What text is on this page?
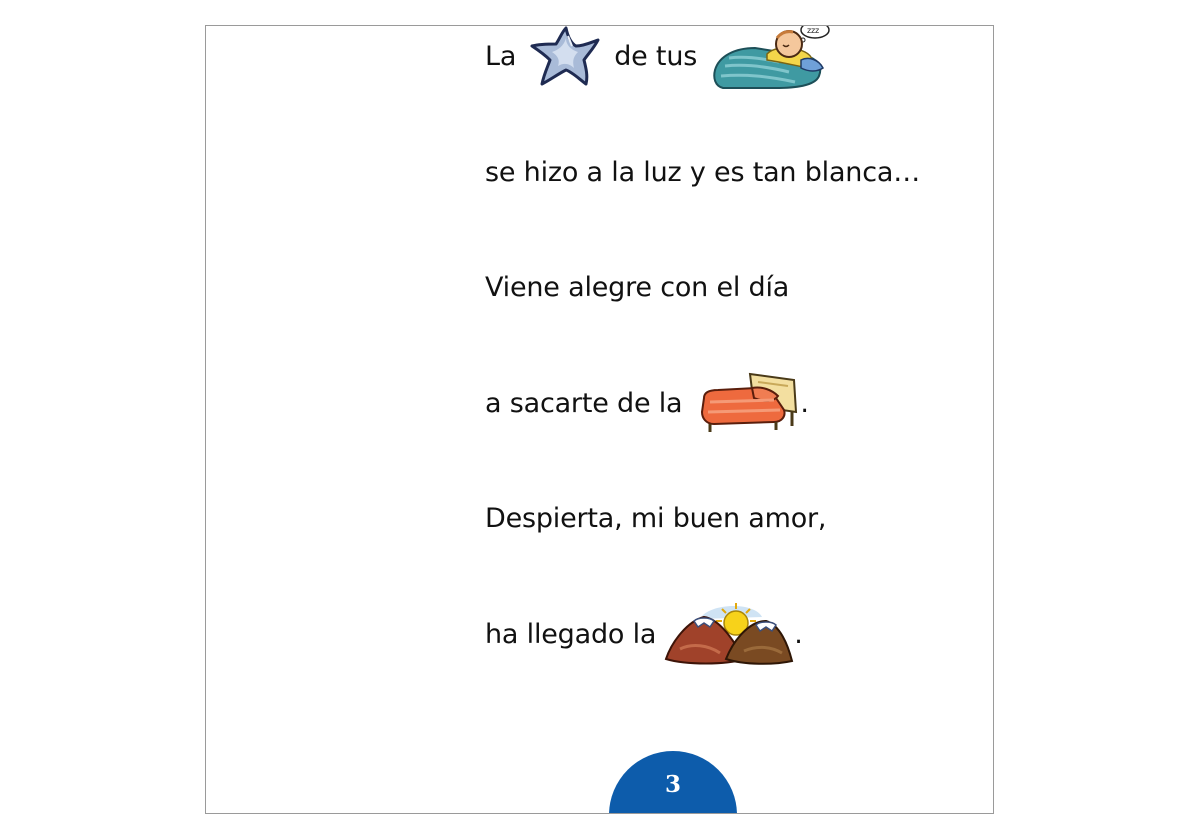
La	de tus
zzz
se hizo a la luz y es tan blanca…
Viene alegre con el día
a sacarte de la	.
Despierta, mi buen amor,
ha llegado la	.
3
